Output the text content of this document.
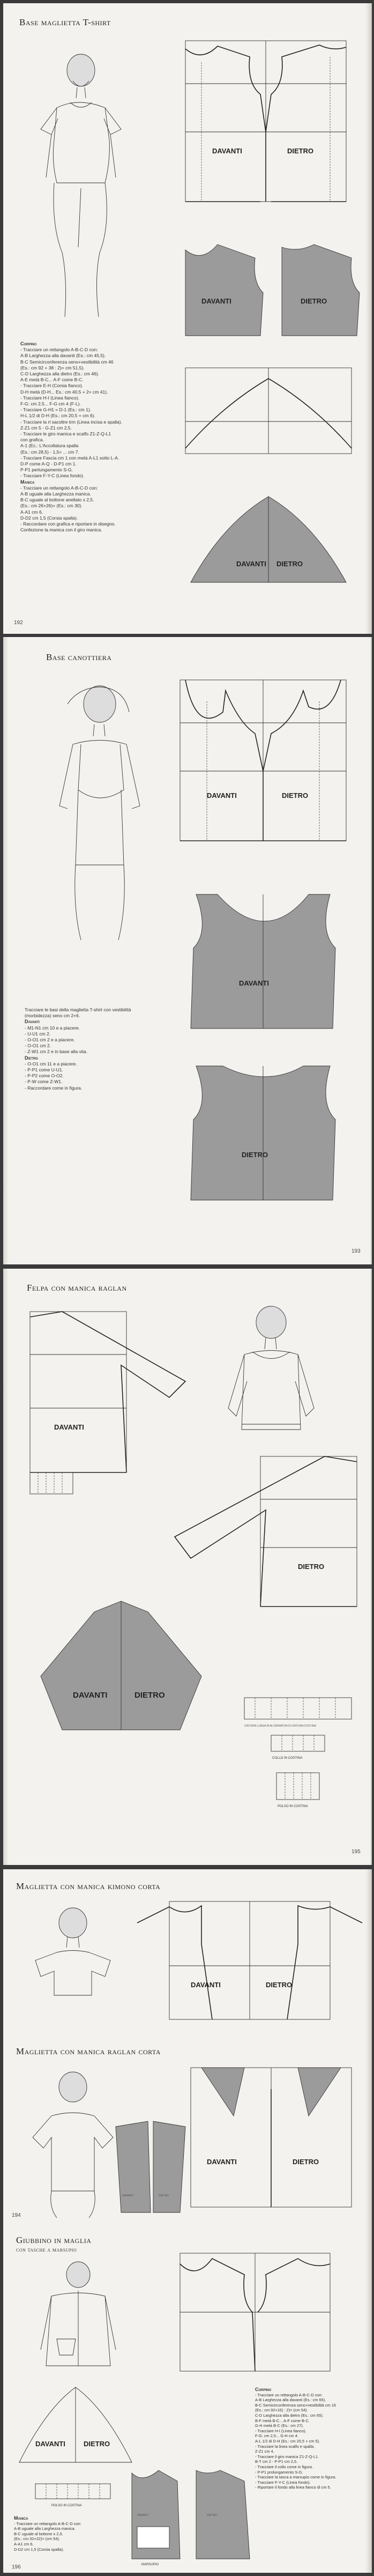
Base maglietta T-shirt
DAVANTI	DIETRO
DAVANTI	DIETRO
DAVANTI DIETRO
Corpino
- Tracciare un rettangolo A-B-C-D con:
A-B Larghezza alla davanti (Es.: cm 45,5).
B-C Semicirconferenza seno+vestibilità cm 46
(Es.: cm 92 + 38 : 2)= cm 51,5).
C-D Larghezza alla dietro (Es.: cm 46).
A-E metà B-C... A-F come B-C.
- Tracciare E-H (Corsia fianco).
D-H metà (D-H... Es.: cm 40,5 + 2= cm 41).
- Tracciare H-I (Linea fianco).
F-G: cm 2,5... F-G cm 4 (F-L).
- Tracciare G-H1 = D-1 (Es.: cm 1).
H-L 1/2 di D-H (Es.: cm 20,5 + cm 6).
- Tracciare la rl sacoltre trm (Linea incisa e spalla).
Z-Z1 cm 5 - G-Z1 cm 2,5.
- Tracciare le giro manica e scalfo Z1-Z-Q-L1
con grafica.
A-1 (Ec.: L'Accollatura spalla
(Es.: cm 28,5) - 1,5= ... cm 7.
- Tracciare Fascia cm 1 con metà A-L1 sotto L-A.
D-P come A-Q - D-P1 cm 1.
P-P1 perlungamento S-G.
- Tracciare F-Y-C (Linea fondo).
Manica
- Tracciare un rettangolo A-B-C-D con:
A-B uguale alla Larghezza manica.
B-C uguale al bottone anellato x 2,5.
(Es.: cm 26+26)= (Es.: cm 30).
A-A1 cm 6.
D-D2 cm 1,5 (Corsia spalla).
- Raccordare con grafica e riportare in disegno.
Confezione la manica con il giro manica.
192
Base canottiera
DAVANTI	DIETRO
DAVANTI
DIETRO
Tracciare le basi della maglietta T-shirt con vestibilità
(morbidezza) seno cm 2+6.
Davanti
- M1-N1 cm 10 e a piacere.
- U-U1 cm 2.
- O-O1 cm 2 e a piacere.
- O-O1 cm 2.
- Z-W1 cm 2 e in base alla vita.
Dietro
- O-O1 cm 11 e a piacere.
- P-P1 come U-U1.
- P-P2 come O-O2.
- P-W come Z-W1.
- Raccordare come in figura.
193
Felpa con manica raglan
DAVANTI
DIETRO
DAVANTI	DIETRO
CINTURA LUNGA IN ALTERNATIVA DI CINTURA COSTINA
COLLO IN COSTINA
POLSO IN COSTINA
195
Maglietta con manica kimono corta
DAVANTI	DIETRO
Maglietta con manica raglan corta
DAVANTI	DIETRO
DAVANTI	DIETRO
194
Giubbino in maglia
con tasche a marsupio
DAVANTI	DIETRO
POLSO IN COSTINA
DAVANTI	DIETRO
MARSUPIO
Corpino
- Tracciare un rettangolo A-B-C-D con:
A-B Larghezza alla davanti (Es.: cm 65).
B-C Semicirconferenza seno+vestibilità cm 16
(Es.: cm 92+16) : 2)= (cm 54).
C-D Larghezza alla dietro (Es.: cm 65).
B-F metà B-C... A-F come B-C.
G-H metà B-C (Es.: cm 27).
- Tracciare H-I (Linea fianco).
F-G: cm 2,5... G-H cm 4.
A-L 1/2 di D-H (Es.: cm 20,5 + cm 5).
- Tracciare la linea scalfo e spalla.
Z-Z1 cm 4.
- Tracciare il giro manica Z1-Z-Q-L1.
B-T cm 2 - P-P1 cm 2,5.
- Tracciare il collo come in figura.
- P-P1 prolungamento S-G.
- Tracciare la tasca a marsupio come in figura.
- Tracciare F-Y-C (Linea fondo).
- Riportare il fondo alla linea fianco di cm 5.
Manica
- Tracciare un rettangolo A-B-C-D con:
A-B uguale alla Larghezza manica.
B-C uguale al bottone x 2,5.
(Es.: cm 32+22)= (cm 54).
A-A1 cm 6.
D-D2 cm 1,5 (Corsia spalla).
196
